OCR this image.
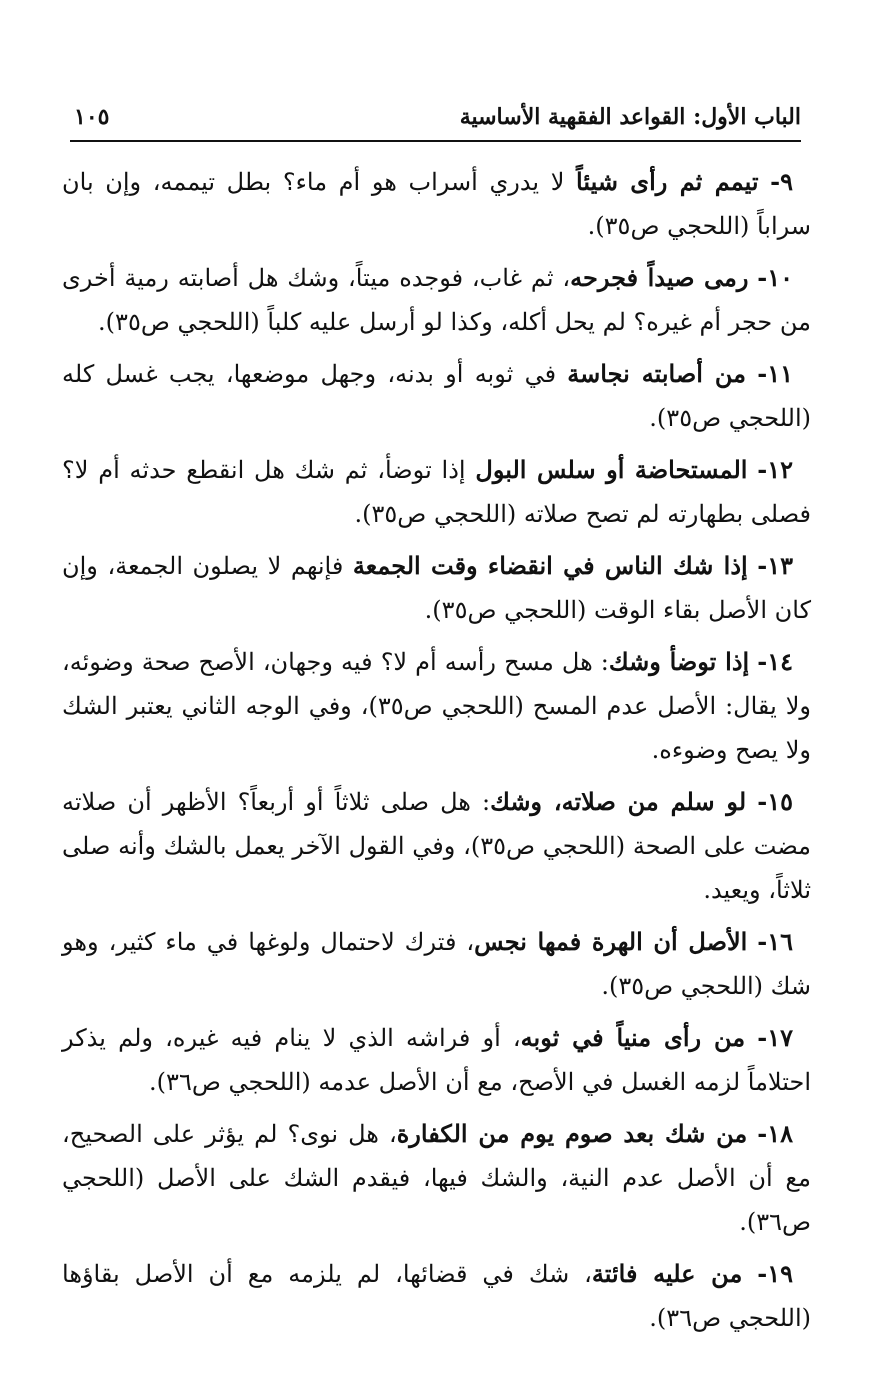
الباب الأول: القواعد الفقهية الأساسية
١٠٥

٩- تيمم ثم رأى شيئاً لا يدري أسراب هو أم ماء؟ بطل تيممه، وإن بان سراباً (اللحجي ص٣٥).

١٠- رمى صيداً فجرحه، ثم غاب، فوجده ميتاً، وشك هل أصابته رمية أخرى من حجر أم غيره؟ لم يحل أكله، وكذا لو أرسل عليه كلباً (اللحجي ص٣٥).

١١- من أصابته نجاسة في ثوبه أو بدنه، وجهل موضعها، يجب غسل كله (اللحجي ص٣٥).

١٢- المستحاضة أو سلس البول إذا توضأ، ثم شك هل انقطع حدثه أم لا؟ فصلى بطهارته لم تصح صلاته (اللحجي ص٣٥).

١٣- إذا شك الناس في انقضاء وقت الجمعة فإنهم لا يصلون الجمعة، وإن كان الأصل بقاء الوقت (اللحجي ص٣٥).

١٤- إذا توضأ وشك: هل مسح رأسه أم لا؟ فيه وجهان، الأصح صحة وضوئه، ولا يقال: الأصل عدم المسح (اللحجي ص٣٥)، وفي الوجه الثاني يعتبر الشك ولا يصح وضوءه.

١٥- لو سلم من صلاته، وشك: هل صلى ثلاثاً أو أربعاً؟ الأظهر أن صلاته مضت على الصحة (اللحجي ص٣٥)، وفي القول الآخر يعمل بالشك وأنه صلى ثلاثاً، ويعيد.

١٦- الأصل أن الهرة فمها نجس، فترك لاحتمال ولوغها في ماء كثير، وهو شك (اللحجي ص٣٥).

١٧- من رأى منياً في ثوبه، أو فراشه الذي لا ينام فيه غيره، ولم يذكر احتلاماً لزمه الغسل في الأصح، مع أن الأصل عدمه (اللحجي ص٣٦).

١٨- من شك بعد صوم يوم من الكفارة، هل نوى؟ لم يؤثر على الصحيح، مع أن الأصل عدم النية، والشك فيها، فيقدم الشك على الأصل (اللحجي ص٣٦).

١٩- من عليه فائتة، شك في قضائها، لم يلزمه مع أن الأصل بقاؤها (اللحجي ص٣٦).
